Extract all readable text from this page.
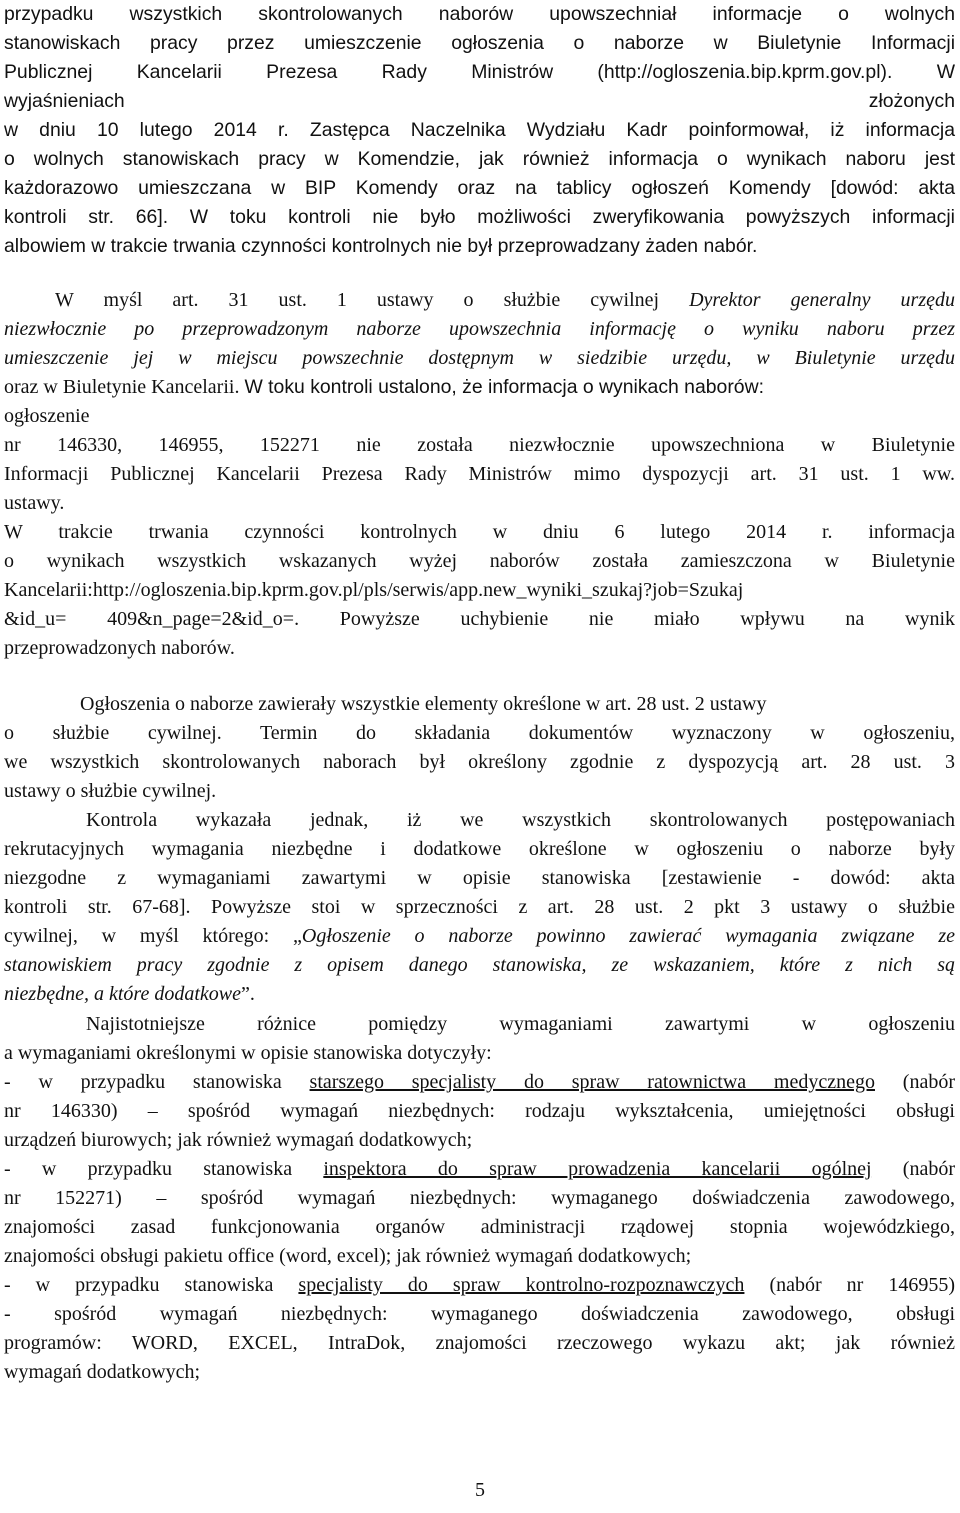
przypadku wszystkich skontrolowanych naborów upowszechniał informacje o wolnych
stanowiskach pracy przez umieszczenie ogłoszenia o naborze w Biuletynie Informacji
Publicznej Kancelarii Prezesa Rady Ministrów (http://ogloszenia.bip.kprm.gov.pl). W
wyjaśnieniach	złożonych
w dniu 10 lutego 2014 r. Zastępca Naczelnika Wydziału Kadr poinformował, iż informacja
o wolnych stanowiskach pracy w Komendzie, jak również informacja o wynikach naboru jest
każdorazowo umieszczana w BIP Komendy oraz na tablicy ogłoszeń Komendy [dowód: akta
kontroli str. 66]. W toku kontroli nie było możliwości zweryfikowania powyższych informacji
albowiem w trakcie trwania czynności kontrolnych nie był przeprowadzany żaden nabór.
W myśl art. 31 ust. 1 ustawy o służbie cywilnej Dyrektor generalny urzędu
niezwłocznie po przeprowadzonym naborze upowszechnia informację o wyniku naboru przez
umieszczenie jej w miejscu powszechnie dostępnym w siedzibie urzędu, w Biuletynie urzędu
oraz w Biuletynie Kancelarii. W toku kontroli ustalono, że informacja o wynikach naborów:
ogłoszenie
nr 146330, 146955, 152271 nie została niezwłocznie upowszechniona w Biuletynie
Informacji Publicznej Kancelarii Prezesa Rady Ministrów mimo dyspozycji art. 31 ust. 1 ww.
ustawy.
W trakcie trwania czynności kontrolnych w dniu 6 lutego 2014 r. informacja
o wynikach wszystkich wskazanych wyżej naborów została zamieszczona w Biuletynie
Kancelarii:http://ogloszenia.bip.kprm.gov.pl/pls/serwis/app.new_wyniki_szukaj?job=Szukaj
&id_u= 409&n_page=2&id_o=. Powyższe uchybienie nie miało wpływu na wynik
przeprowadzonych naborów.
Ogłoszenia o naborze zawierały wszystkie elementy określone w art. 28 ust. 2 ustawy
o służbie cywilnej. Termin do składania dokumentów wyznaczony w ogłoszeniu,
we wszystkich skontrolowanych naborach był określony zgodnie z dyspozycją art. 28 ust. 3
ustawy o służbie cywilnej.
Kontrola wykazała jednak, iż we wszystkich skontrolowanych postępowaniach
rekrutacyjnych wymagania niezbędne i dodatkowe określone w ogłoszeniu o naborze były
niezgodne z wymaganiami zawartymi w opisie stanowiska [zestawienie - dowód: akta
kontroli str. 67-68]. Powyższe stoi w sprzeczności z art. 28 ust. 2 pkt 3 ustawy o służbie
cywilnej, w myśl którego: „Ogłoszenie o naborze powinno zawierać wymagania związane ze
stanowiskiem pracy zgodnie z opisem danego stanowiska, ze wskazaniem, które z nich są
niezbędne, a które dodatkowe”.
Najistotniejsze różnice pomiędzy wymaganiami zawartymi w ogłoszeniu
a wymaganiami określonymi w opisie stanowiska dotyczyły:
- w przypadku stanowiska starszego specjalisty do spraw ratownictwa medycznego (nabór
nr 146330) – spośród wymagań niezbędnych: rodzaju wykształcenia, umiejętności obsługi
urządzeń biurowych; jak również wymagań dodatkowych;
- w przypadku stanowiska inspektora do spraw prowadzenia kancelarii ogólnej (nabór
nr 152271) – spośród wymagań niezbędnych: wymaganego doświadczenia zawodowego,
znajomości zasad funkcjonowania organów administracji rządowej stopnia wojewódzkiego,
znajomości obsługi pakietu office (word, excel); jak również wymagań dodatkowych;
- w przypadku stanowiska specjalisty do spraw kontrolno-rozpoznawczych (nabór nr 146955)
- spośród wymagań niezbędnych: wymaganego doświadczenia zawodowego, obsługi
programów: WORD, EXCEL, IntraDok, znajomości rzeczowego wykazu akt; jak również
wymagań dodatkowych;
5
